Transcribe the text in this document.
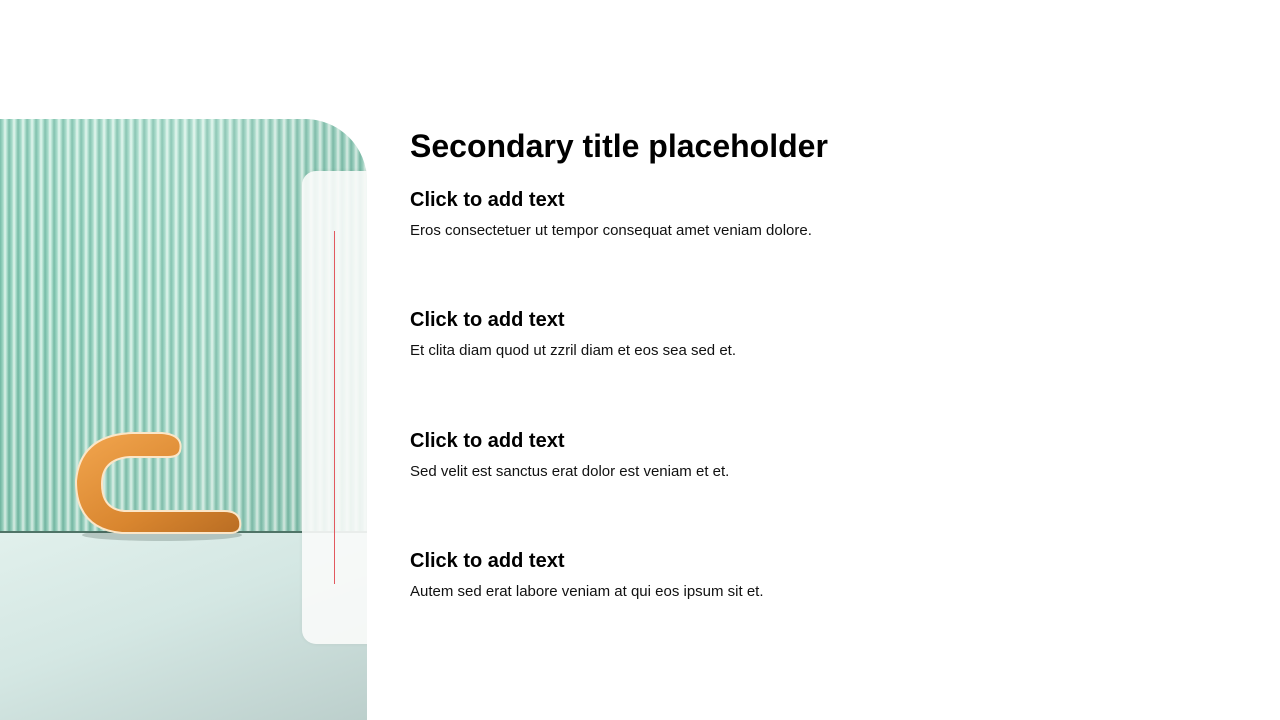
Secondary title placeholder
Click to add text

Eros consectetuer ut tempor consequat amet veniam dolore.

Click to add text

Et clita diam quod ut zzril diam et eos sea sed et.

Click to add text

Sed velit est sanctus erat dolor est veniam et et.

Click to add text

Autem sed erat labore veniam at qui eos ipsum sit et.
